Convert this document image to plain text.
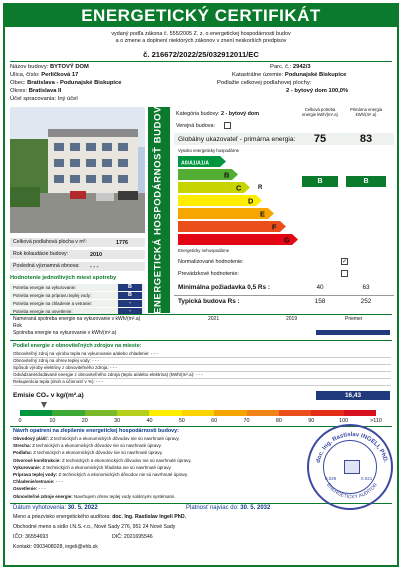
ENERGETICKÝ CERTIFIKÁT
vydaný podľa zákona č. 555/2005 Z. z. o energetickej hospodárnosti budov
a o zmene a doplnení niektorých zákonov v znení neskorších predpisov
č. 216672/2022/25/032912011/EC
Názov budovy: BYTOVÝ DOM	Parc. č.: 2942/3
Ulica, číslo: Perličková 17	Katastrálne územie: Podunajské Biskupice
Obec: Bratislava - Podunajské Biskupice	Podlažie celkovej podlahovej plochy:
Okres: Bratislava II	2 - bytový dom 100,0%
Účel spracovania: Iný účel
Celková podlahová plocha v m²:	1776
Rok kolaudácie budovy:	2010
Posledná významná obnova: - - -
Hodnotenie jednotlivých miest spotreby
Potreba energie na vykurovanie:	B
Potreba energie na prípravu teplej vody:	B
Potreba energie na chladenie a vetranie:	-
Potreba energie na osvetlenie:	-	ENERGETICKÁ HOSPODÁRNOSŤ BUDOV Kategória budovy: 2 - bytový dom
Celková potreba energie kWh/(m².a)
Primárna energia kWh/(m².a)
Verejná budova:
Globálny ukazovateľ - primárna energia:	75	83
Vysoko energeticky hospodárne
A0/A1/A1/A
B
C
D
E
F
G
Energeticky nehospodárne
R
B	B
Normalizované hodnotenie:	✓
Prevádzkové hodnotenie:
Minimálna požiadavka 0,5 Rs :	40	63
Typická budova Rs :	158	252
Nameraná spotreba energie na vykurovanie v kWh/(m².a)	2021	2019	Priemer
Rok
Spotreba energie na vykurovanie v kWh/(m².a)
Podiel energie z obnoviteľných zdrojov na mieste:
Obnoviteľný zdroj na výrobu tepla na vykurovanie a/alebo chladenie: - - -
Obnoviteľný zdroj na ohrev teplej vody: - - -
Spôsob výroby elektriny z obnoviteľného zdroja: - - -
Odvádzané/dodávané energie z obnoviteľného zdroja (teplo a/alebo elektrina) (kWh/(m².a): - - -
Rekuperácia tepla (druh a účinnosť v %): - - -
Emisie CO₂ v kg/(m².a)	16,43
0	10	20	30	40	50	60	70	80	90	100	>110
Návrh opatrení na zlepšenie energetickej hospodárnosti budovy:
Obvodový plášť: Z technických a ekonomických dôvodov nie sú navrhnuté úpravy.
Strecha: Z technických a ekonomických dôvodov nie sú navrhnuté úpravy.
Podlaha: Z technických a ekonomických dôvodov nie sú navrhnuté úpravy.
Otvorové konštrukcie: Z technických a ekonomických dôvodov nie sú navrhnuté úpravy.
Vykurovanie: Z technických a ekonomických hľadiska nie sú navrhnuté úpravy.
Príprava teplej vody: Z technických a ekonomických dôvodov nie sú navrhnuté úpravy.
Chladenie/vetranie: - - -
Osvetlenie: - - -
Obnoviteľné zdroje energie: Navrhujem ohrev teplej vody solárnymi systémami.
Dátum vyhotovenia: 30. 5. 2022	Platnosť najviac do: 30. 5. 2032
Meno a priezvisko energetického audítora: doc. Ing. Rastislav Ingeli PhD.
Obchodné meno a sídlo I.N.S.-r.o., Nové Sady 276, 951 24 Nové Sady
IČO: 36554693	DIČ: 2021695546
Kontakt: 0903408028, ingeli@ehb.sk
doc. Ing. Rastislav INGELI, PhD.
ENERGETICKÝ AUDÍTOR
0.029	0.021
